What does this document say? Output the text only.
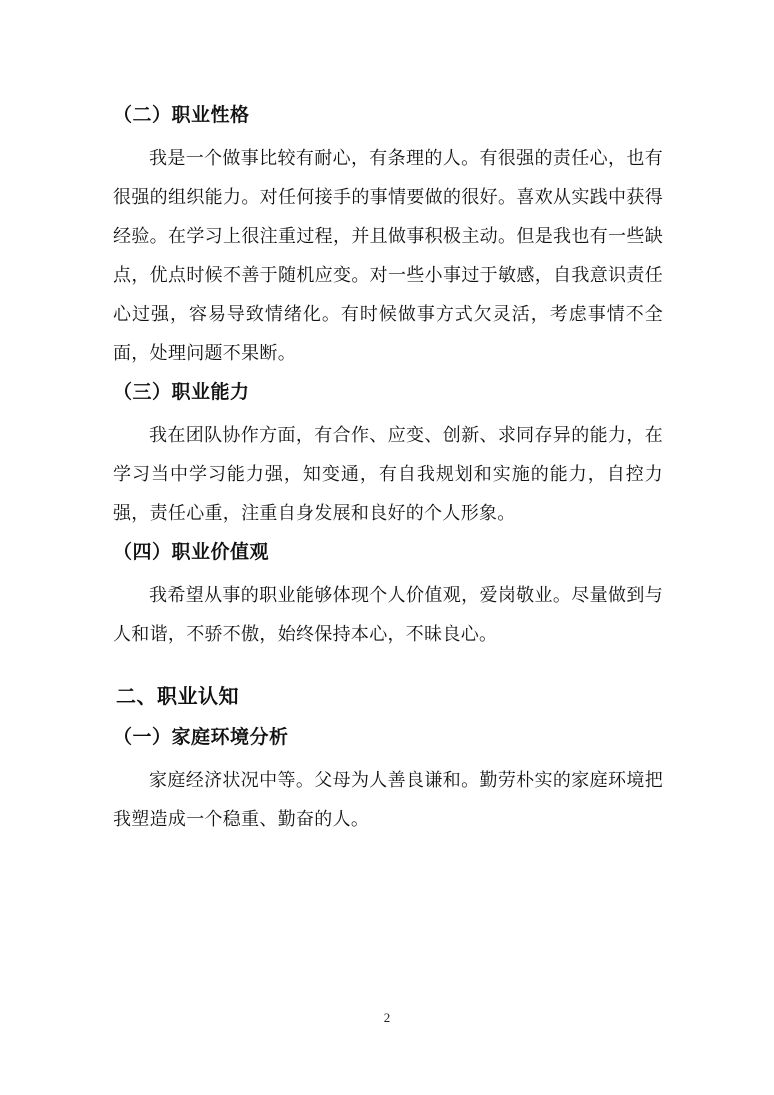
（二）职业性格

我是一个做事比较有耐心，有条理的人。有很强的责任心，也有很强的组织能力。对任何接手的事情要做的很好。喜欢从实践中获得经验。在学习上很注重过程，并且做事积极主动。但是我也有一些缺点，优点时候不善于随机应变。对一些小事过于敏感，自我意识责任心过强，容易导致情绪化。有时候做事方式欠灵活，考虑事情不全面，处理问题不果断。

（三）职业能力

我在团队协作方面，有合作、应变、创新、求同存异的能力，在学习当中学习能力强，知变通，有自我规划和实施的能力，自控力强，责任心重，注重自身发展和良好的个人形象。

（四）职业价值观

我希望从事的职业能够体现个人价值观，爱岗敬业。尽量做到与人和谐，不骄不傲，始终保持本心，不昧良心。

二、职业认知
（一）家庭环境分析

家庭经济状况中等。父母为人善良谦和。勤劳朴实的家庭环境把我塑造成一个稳重、勤奋的人。

2
